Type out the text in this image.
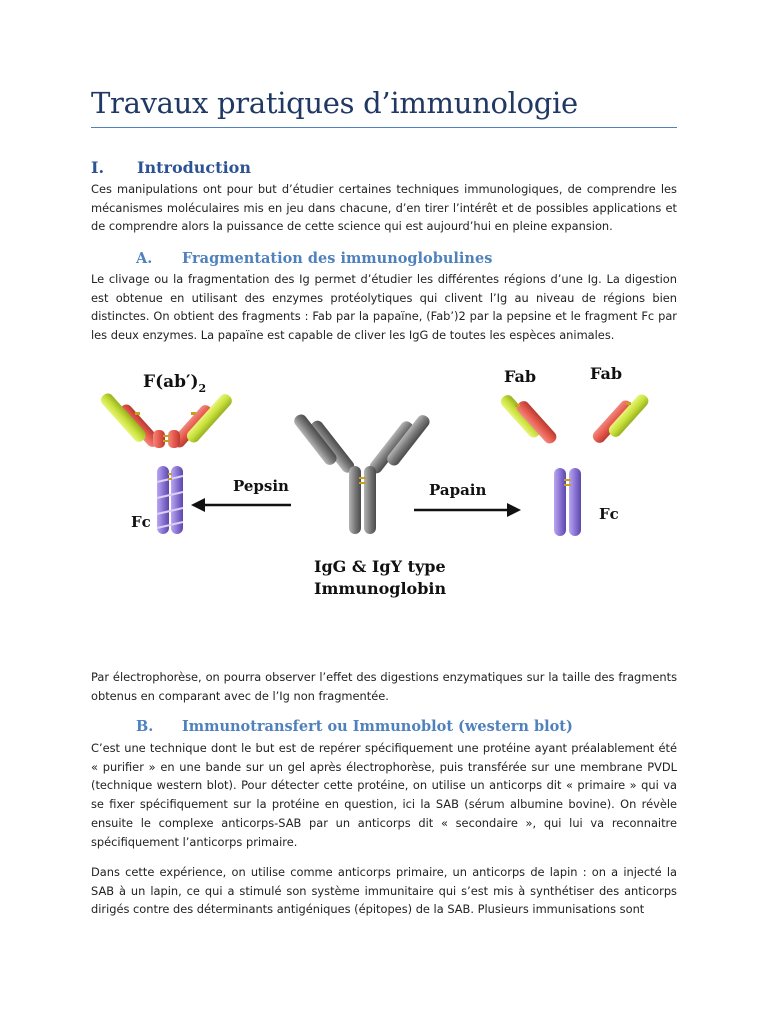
Travaux pratiques d’immunologie
I. Introduction
Ces manipulations ont pour but d’étudier certaines techniques immunologiques, de comprendre les mécanismes moléculaires mis en jeu dans chacune, d’en tirer l’intérêt et de possibles applications et de comprendre alors la puissance de cette science qui est aujourd’hui en pleine expansion.
A. Fragmentation des immunoglobulines
Le clivage ou la fragmentation des Ig permet d’étudier les différentes régions d’une Ig. La digestion est obtenue en utilisant des enzymes protéolytiques qui clivent l’Ig au niveau de régions bien distinctes. On obtient des fragments : Fab par la papaïne, (Fab’)2 par la pepsine et le fragment Fc par les deux enzymes. La papaïne est capable de cliver les IgG de toutes les espèces animales.
Par électrophorèse, on pourra observer l’effet des digestions enzymatiques sur la taille des fragments obtenus en comparant avec de l’Ig non fragmentée.
B. Immunotransfert ou Immunoblot (western blot)
C’est une technique dont le but est de repérer spécifiquement une protéine ayant préalablement été « purifier » en une bande sur un gel après électrophorèse, puis transférée sur une membrane PVDL (technique western blot). Pour détecter cette protéine, on utilise un anticorps dit « primaire » qui va se fixer spécifiquement sur la protéine en question, ici la SAB (sérum albumine bovine). On révèle ensuite le complexe anticorps-SAB par un anticorps dit « secondaire », qui lui va reconnaitre spécifiquement l’anticorps primaire.
Dans cette expérience, on utilise comme anticorps primaire, un anticorps de lapin : on a injecté la SAB à un lapin, ce qui a stimulé son système immunitaire qui s’est mis à synthétiser des anticorps dirigés contre des déterminants antigéniques (épitopes) de la SAB. Plusieurs immunisations sont
$F(ab')_2$
Fc
Pepsin	Papain
Fab	Fab
Fc
IgG & IgY type
Immunoglobin
